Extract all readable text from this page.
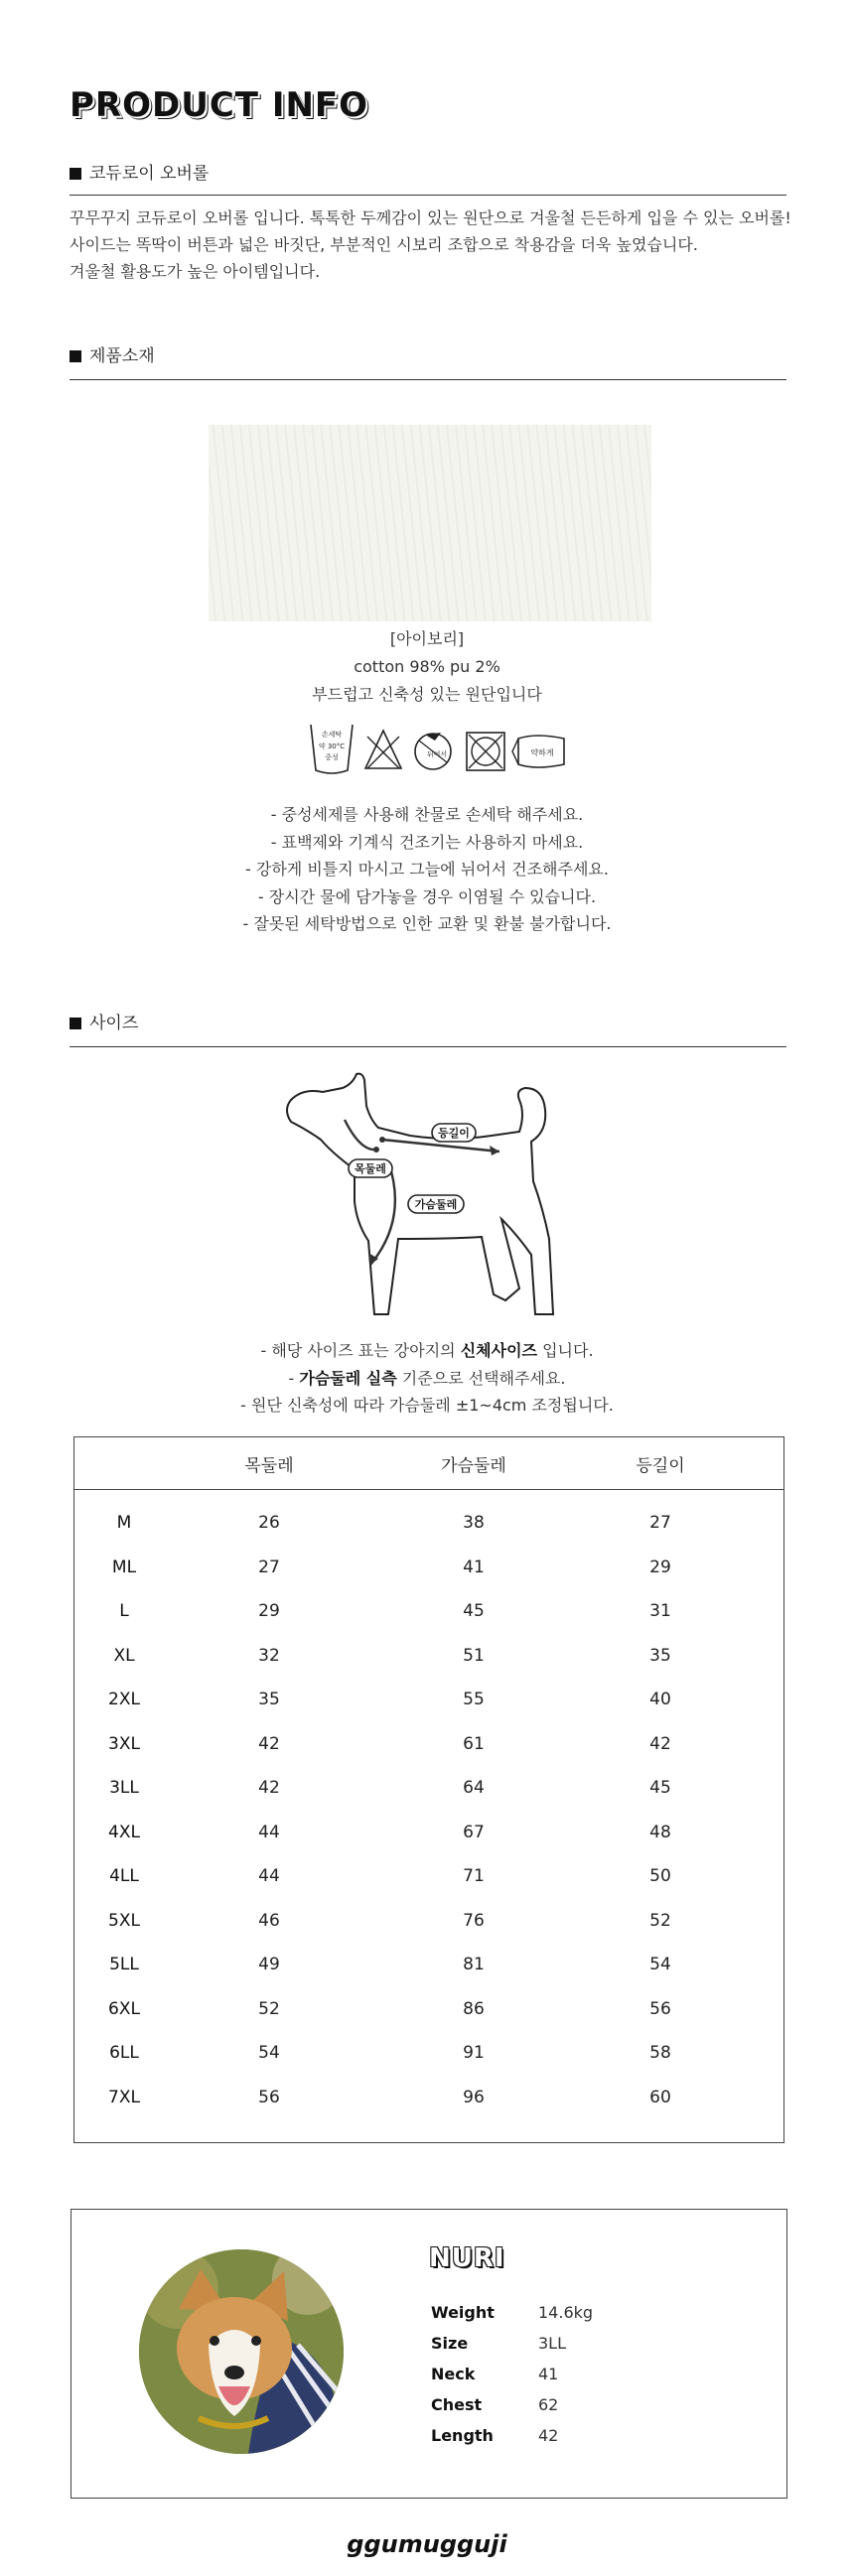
PRODUCT INFO
코듀로이 오버롤
꾸무꾸지 코듀로이 오버롤 입니다. 톡톡한 두께감이 있는 원단으로 겨울철 든든하게 입을 수 있는 오버롤!
사이드는 똑딱이 버튼과 넓은 바짓단, 부분적인 시보리 조합으로 착용감을 더욱 높였습니다.
겨울철 활용도가 높은 아이템입니다.
제품소재
[아이보리]
cotton 98% pu 2%
부드럽고 신축성 있는 원단입니다
손세탁
약 30°C
중성	뒤어서	약하게
- 중성세제를 사용해 찬물로 손세탁 해주세요.
- 표백제와 기계식 건조기는 사용하지 마세요.
- 강하게 비틀지 마시고 그늘에 뉘어서 건조해주세요.
- 장시간 물에 담가놓을 경우 이염될 수 있습니다.
- 잘못된 세탁방법으로 인한 교환 및 환불 불가합니다.
사이즈
목둘레
등길이
가슴둘레
- 해당 사이즈 표는 강아지의 신체사이즈 입니다.
- 가슴둘레 실측 기준으로 선택해주세요.
- 원단 신축성에 따라 가슴둘레 ±1~4cm 조정됩니다.
목둘레	가슴둘레	등길이
M	26	38	27
ML	27	41	29
L	29	45	31
XL	32	51	35
2XL	35	55	40
3XL	42	61	42
3LL	42	64	45
4XL	44	67	48
4LL	44	71	50
5XL	46	76	52
5LL	49	81	54
6XL	52	86	56
6LL	54	91	58
7XL	56	96	60
NURI
Weight	14.6kg
Size	3LL
Neck	41
Chest	62
Length	42
ggumugguji
